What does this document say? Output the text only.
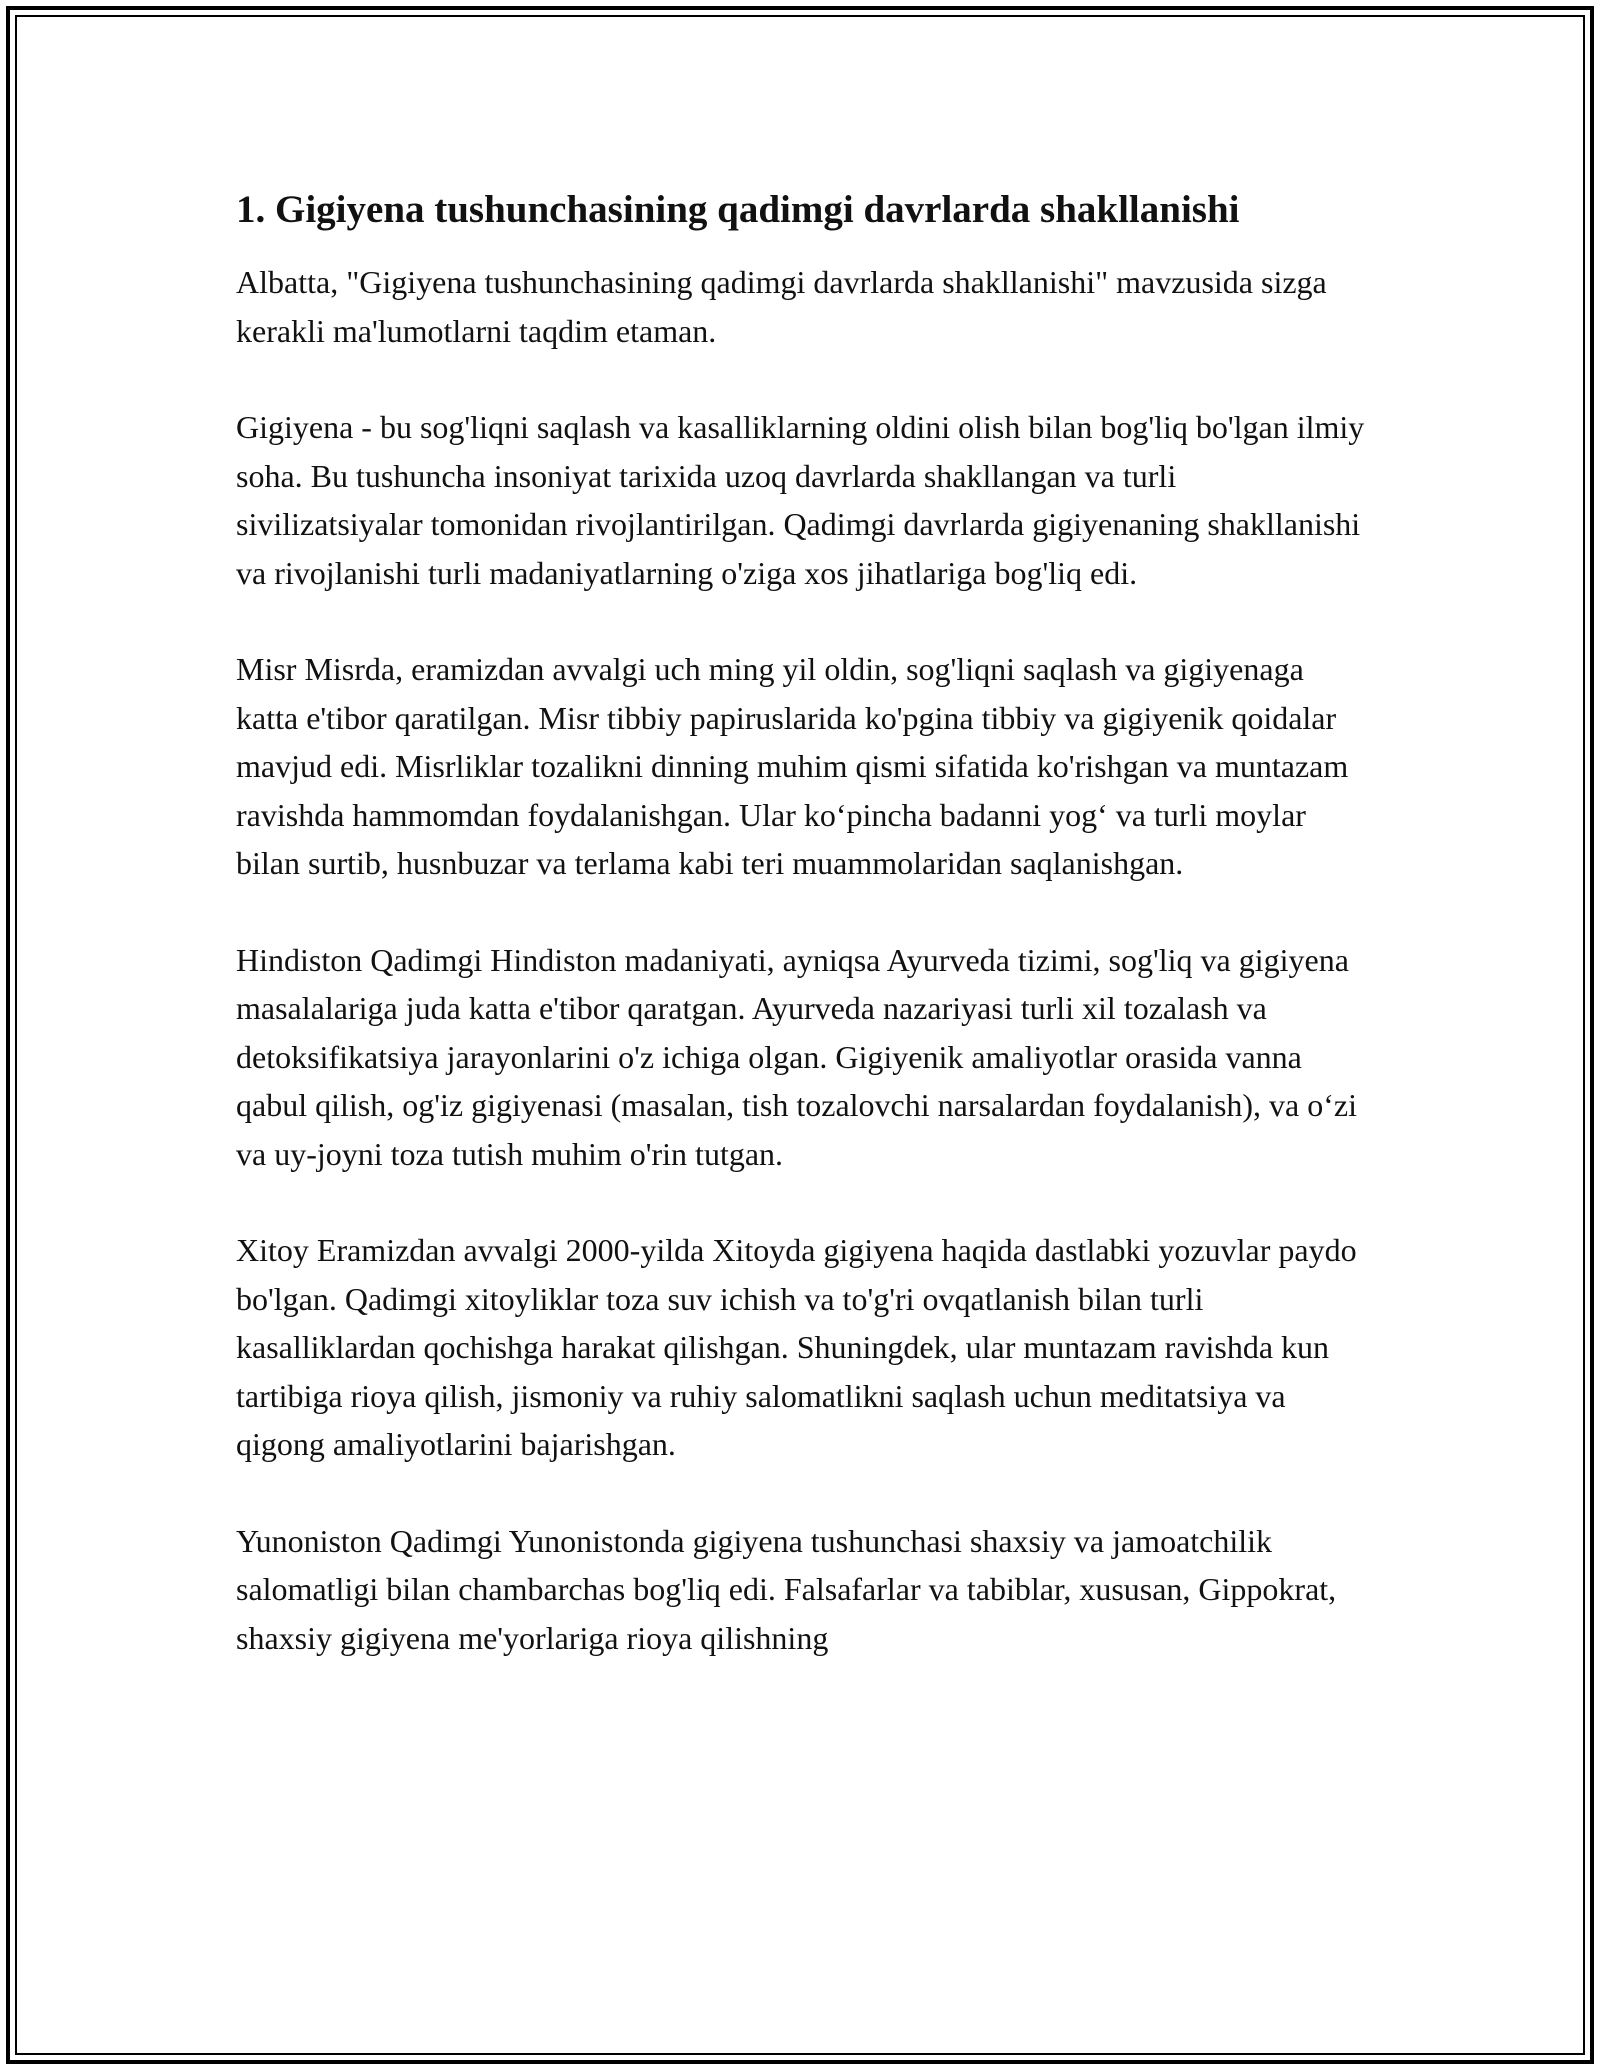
1. Gigiyena tushunchasining qadimgi davrlarda shakllanishi

Albatta, "Gigiyena tushunchasining qadimgi davrlarda shakllanishi" mavzusida sizga kerakli ma'lumotlarni taqdim etaman.

Gigiyena - bu sog'liqni saqlash va kasalliklarning oldini olish bilan bog'liq bo'lgan ilmiy soha. Bu tushuncha insoniyat tarixida uzoq davrlarda shakllangan va turli sivilizatsiyalar tomonidan rivojlantirilgan. Qadimgi davrlarda gigiyenaning shakllanishi va rivojlanishi turli madaniyatlarning o'ziga xos jihatlariga bog'liq edi.

Misr Misrda, eramizdan avvalgi uch ming yil oldin, sog'liqni saqlash va gigiyenaga katta e'tibor qaratilgan. Misr tibbiy papiruslarida ko'pgina tibbiy va gigiyenik qoidalar mavjud edi. Misrliklar tozalikni dinning muhim qismi sifatida ko'rishgan va muntazam ravishda hammomdan foydalanishgan. Ular ko‘pincha badanni yog‘ va turli moylar bilan surtib, husnbuzar va terlama kabi teri muammolaridan saqlanishgan.

Hindiston Qadimgi Hindiston madaniyati, ayniqsa Ayurveda tizimi, sog'liq va gigiyena masalalariga juda katta e'tibor qaratgan. Ayurveda nazariyasi turli xil tozalash va detoksifikatsiya jarayonlarini o'z ichiga olgan. Gigiyenik amaliyotlar orasida vanna qabul qilish, og'iz gigiyenasi (masalan, tish tozalovchi narsalardan foydalanish), va o‘zi va uy-joyni toza tutish muhim o'rin tutgan.

Xitoy Eramizdan avvalgi 2000-yilda Xitoyda gigiyena haqida dastlabki yozuvlar paydo bo'lgan. Qadimgi xitoyliklar toza suv ichish va to'g'ri ovqatlanish bilan turli kasalliklardan qochishga harakat qilishgan. Shuningdek, ular muntazam ravishda kun tartibiga rioya qilish, jismoniy va ruhiy salomatlikni saqlash uchun meditatsiya va qigong amaliyotlarini bajarishgan.

Yunoniston Qadimgi Yunonistonda gigiyena tushunchasi shaxsiy va jamoatchilik salomatligi bilan chambarchas bog'liq edi. Falsafarlar va tabiblar, xususan, Gippokrat, shaxsiy gigiyena me'yorlariga rioya qilishning
